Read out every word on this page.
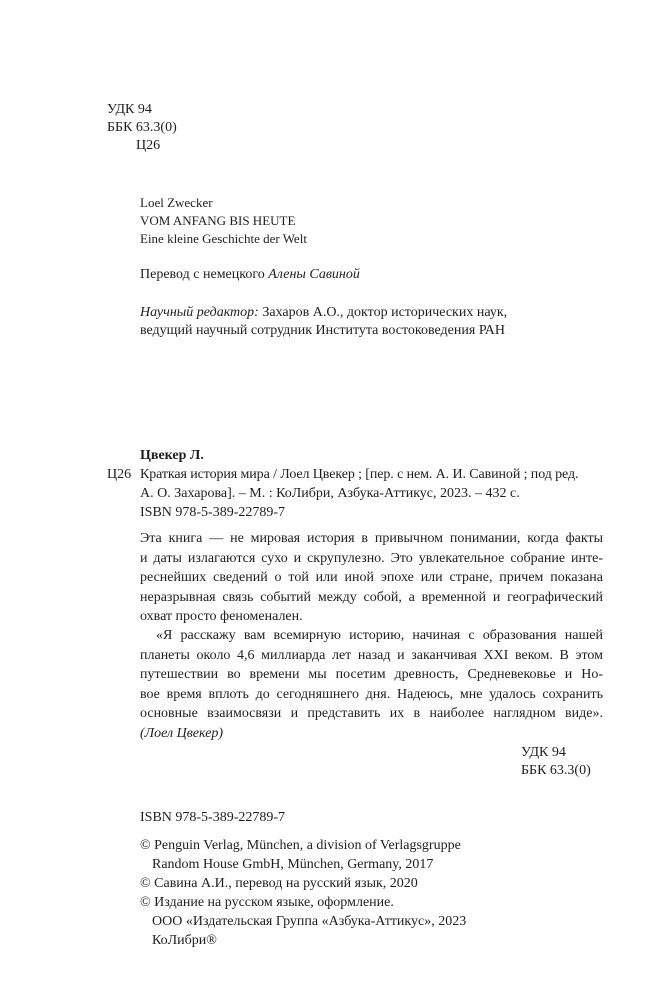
УДК 94
ББК 63.3(0)
Ц26
Loel Zwecker
VOM ANFANG BIS HEUTE
Eine kleine Geschichte der Welt
Перевод с немецкого Алены Савиной
Научный редактор: Захаров А.О., доктор исторических наук,
ведущий научный сотрудник Института востоковедения РАН
Цвекер Л.
Ц26 Краткая история мира / Лоел Цвекер ; [пер. с нем. А. И. Савиной ; под ред.
А. О. Захарова]. – М. : КоЛибри, Азбука-Аттикус, 2023. – 432 с.
ISBN 978-5-389-22789-7
Эта книга — не мировая история в привычном понимании, когда факты
и даты излагаются сухо и скрупулезно. Это увлекательное собрание инте-
реснейших сведений о той или иной эпохе или стране, причем показана
неразрывная связь событий между собой, а временной и географический
охват просто феноменален.
«Я расскажу вам всемирную историю, начиная с образования нашей
планеты около 4,6 миллиарда лет назад и заканчивая XXI веком. В этом
путешествии во времени мы посетим древность, Средневековье и Но-
вое время вплоть до сегодняшнего дня. Надеюсь, мне удалось сохранить
основные взаимосвязи и представить их в наиболее наглядном виде».
(Лоел Цвекер)
УДК 94
ББК 63.3(0)
ISBN 978-5-389-22789-7
© Penguin Verlag, München, a division of Verlagsgruppe
Random House GmbH, München, Germany, 2017
© Савина А.И., перевод на русский язык, 2020
© Издание на русском языке, оформление.
ООО «Издательская Группа «Азбука-Аттикус», 2023
КоЛибри®
